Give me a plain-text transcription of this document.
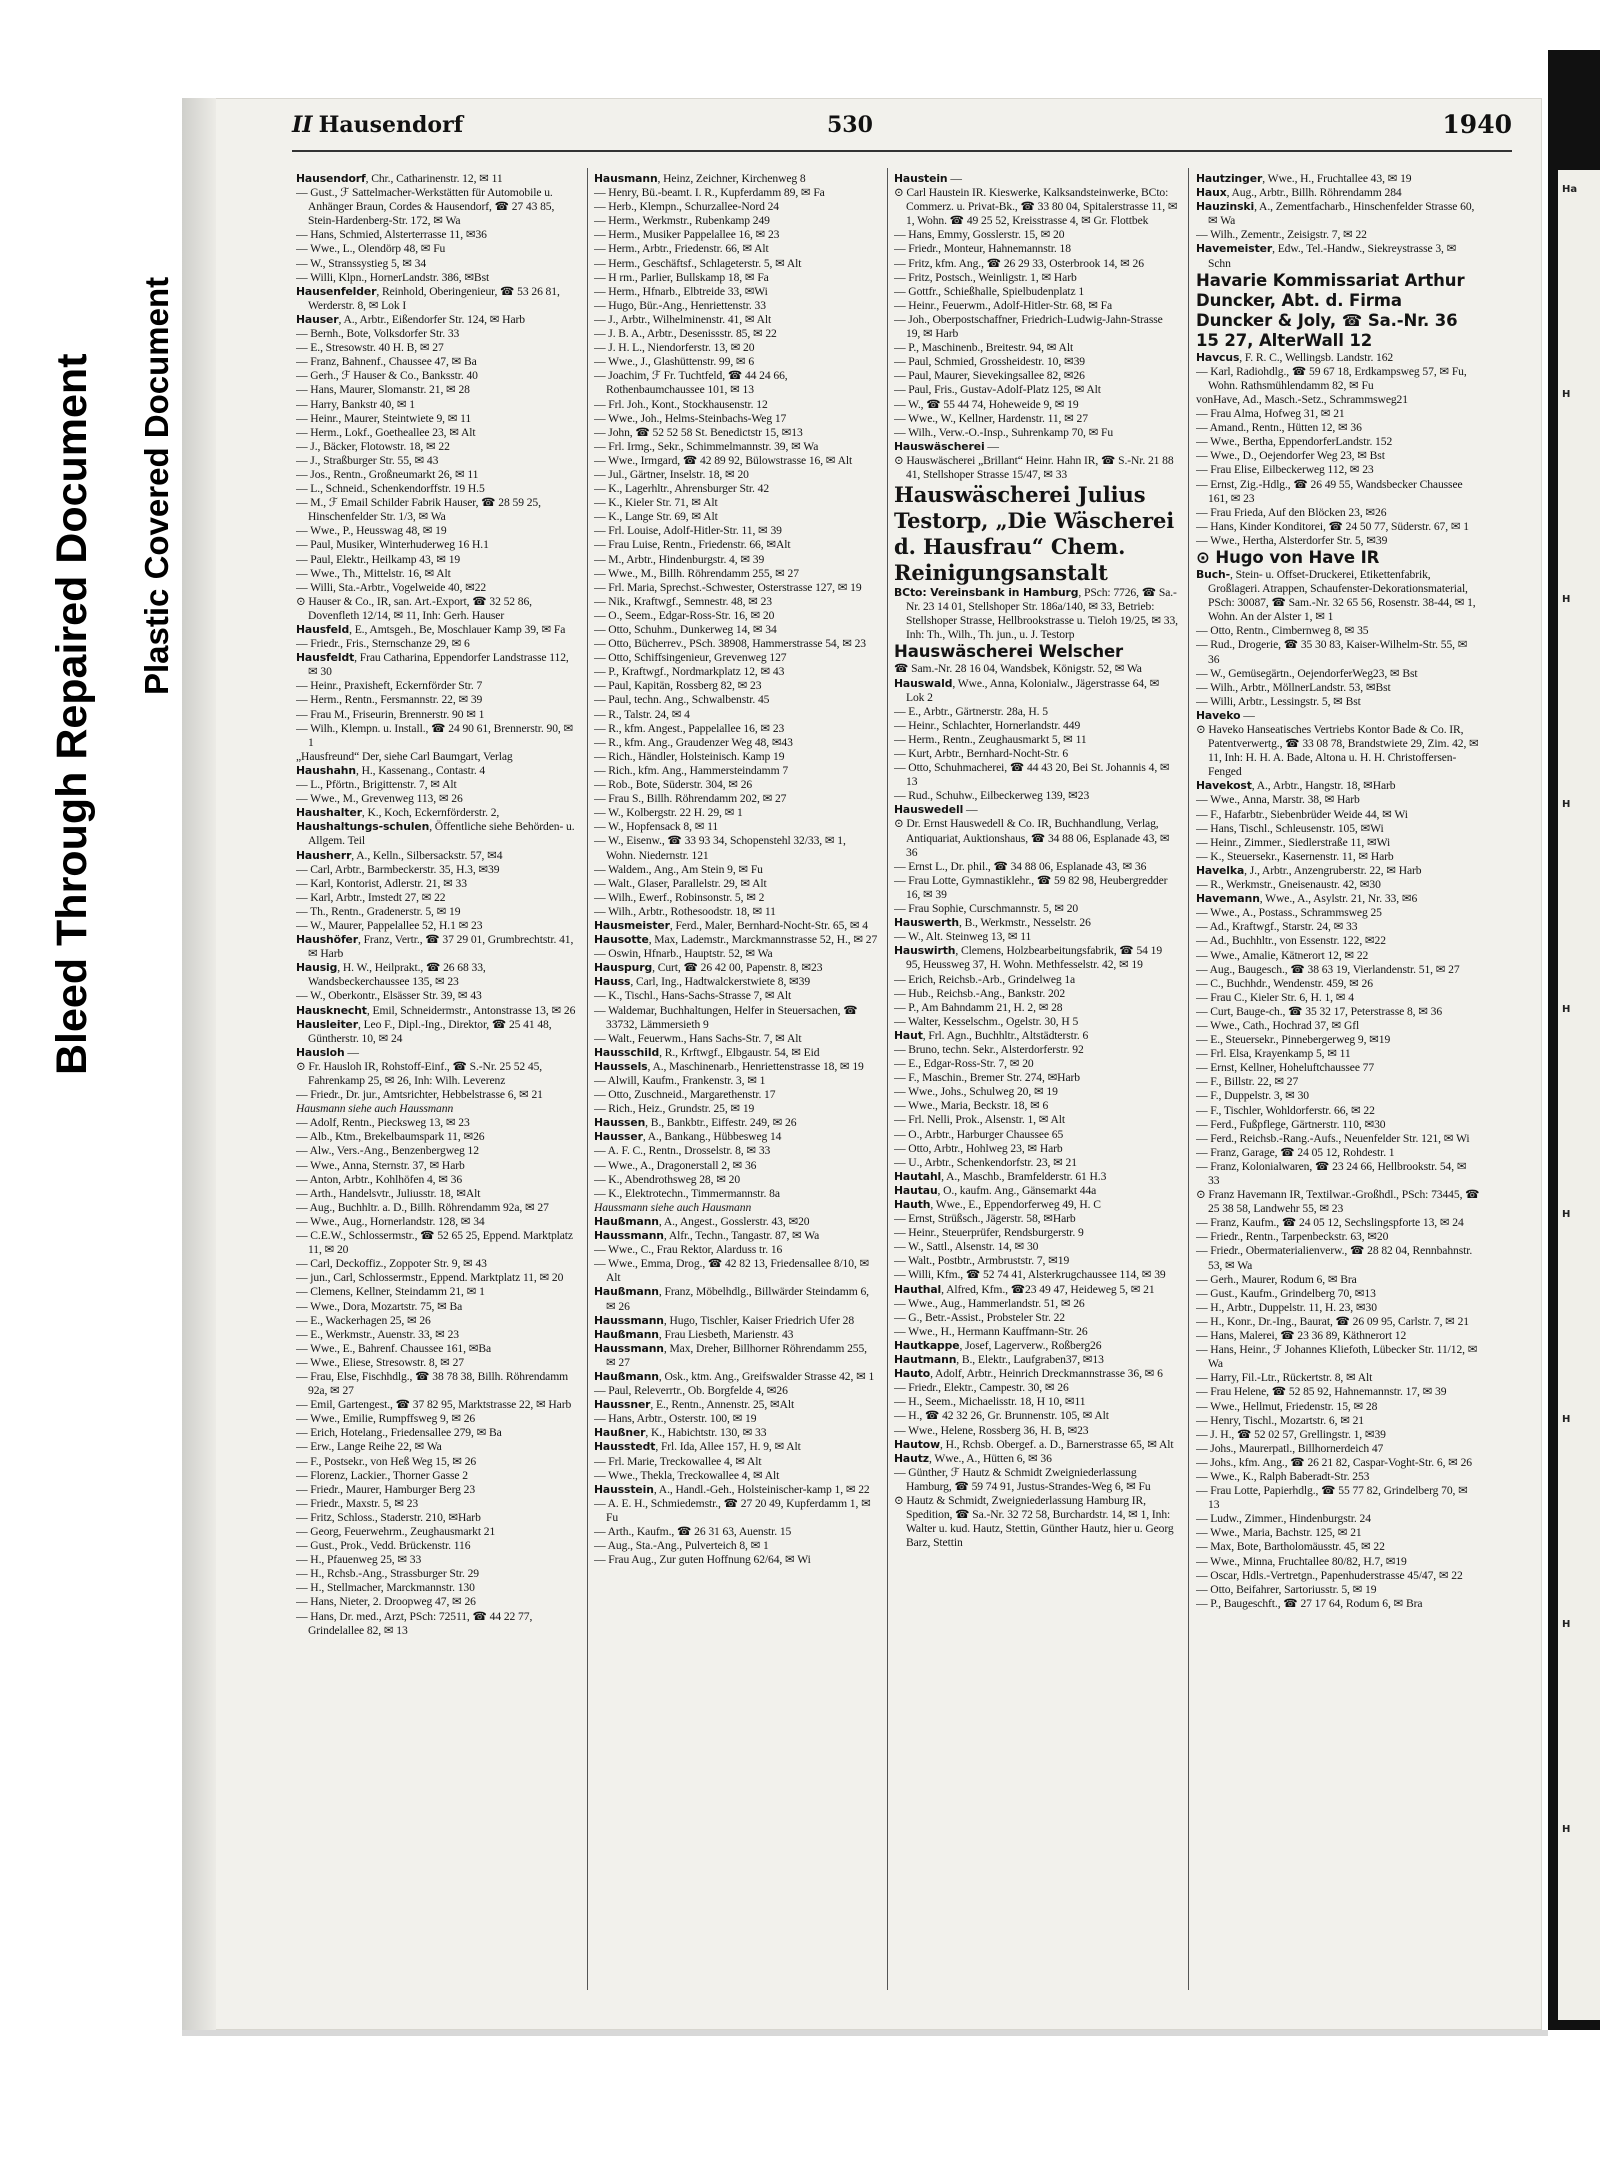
Bleed Through Repaired Document Plastic Covered Document
Ha
H
H
H
H
H
H
H
H
II Hausendorf	530	1940

Hausendorf, Chr., Catharinenstr. 12, ✉ 11

— Gust., ℱ Sattelmacher-Werkstätten für Automobile u. Anhänger Braun, Cordes & Hausendorf, ☎ 27 43 85, Stein-Hardenberg-Str. 172, ✉ Wa

— Hans, Schmied, Alsterterrasse 11, ✉36

— Wwe., L., Olendörp 48, ✉ Fu

— W., Stranssystieg 5, ✉ 34

— Willi, Klpn., HornerLandstr. 386, ✉Bst

Hausenfelder, Reinhold, Oberingenieur, ☎ 53 26 81, Werderstr. 8, ✉ Lok I

Hauser, A., Arbtr., Eißendorfer Str. 124, ✉ Harb

— Bernh., Bote, Volksdorfer Str. 33

— E., Stresowstr. 40 H. B, ✉ 27

— Franz, Bahnenf., Chaussee 47, ✉ Ba

— Gerh., ℱ Hauser & Co., Banksstr. 40

— Hans, Maurer, Slomanstr. 21, ✉ 28

— Harry, Bankstr 40, ✉ 1

— Heinr., Maurer, Steintwiete 9, ✉ 11

— Herm., Lokf., Goetheallee 23, ✉ Alt

— J., Bäcker, Flotowstr. 18, ✉ 22

— J., Straßburger Str. 55, ✉ 43

— Jos., Rentn., Großneumarkt 26, ✉ 11

— L., Schneid., Schenkendorffstr. 19 H.5

— M., ℱ Email Schilder Fabrik Hauser, ☎ 28 59 25, Hinschenfelder Str. 1/3, ✉ Wa

— Wwe., P., Heusswag 48, ✉ 19

— Paul, Musiker, Winterhuderweg 16 H.1

— Paul, Elektr., Heilkamp 43, ✉ 19

— Wwe., Th., Mittelstr. 16, ✉ Alt

— Willi, Sta.-Arbtr., Vogelweide 40, ✉22

⊙ Hauser & Co., IR, san. Art.-Export, ☎ 32 52 86, Dovenfleth 12/14, ✉ 11, Inh: Gerh. Hauser

Hausfeld, E., Amtsgeh., Be, Moschlauer Kamp 39, ✉ Fa

— Friedr., Fris., Sternschanze 29, ✉ 6

Hausfeldt, Frau Catharina, Eppendorfer Landstrasse 112, ✉ 30

— Heinr., Praxisheft, Eckernförder Str. 7

— Herm., Rentn., Fersmannstr. 22, ✉ 39

— Frau M., Friseurin, Brennerstr. 90 ✉ 1

— Wilh., Klempn. u. Install., ☎ 24 90 61, Brennerstr. 90, ✉ 1

„Hausfreund“ Der, siehe Carl Baumgart, Verlag

Haushahn, H., Kassenang., Contastr. 4

— L., Pförtn., Brigittenstr. 7, ✉ Alt

— Wwe., M., Grevenweg 113, ✉ 26

Haushalter, K., Koch, Eckernförderstr. 2,

Haushaltungs-schulen, Öffentliche siehe Behörden- u. Allgem. Teil

Hausherr, A., Kelln., Silbersackstr. 57, ✉4

— Carl, Arbtr., Barmbeckerstr. 35, H.3, ✉39

— Karl, Kontorist, Adlerstr. 21, ✉ 33

— Karl, Arbtr., Imstedt 27, ✉ 22

— Th., Rentn., Gradenerstr. 5, ✉ 19

— W., Maurer, Pappelallee 52, H.1 ✉ 23

Haushöfer, Franz, Vertr., ☎ 37 29 01, Grumbrechtstr. 41, ✉ Harb

Hausig, H. W., Heilprakt., ☎ 26 68 33, Wandsbeckerchaussee 135, ✉ 23

— W., Oberkontr., Elsässer Str. 39, ✉ 43

Hausknecht, Emil, Schneidermstr., Antonstrasse 13, ✉ 26

Hausleiter, Leo F., Dipl.-Ing., Direktor, ☎ 25 41 48, Güntherstr. 10, ✉ 24

Hausloh —

⊙ Fr. Hausloh IR, Rohstoff-Einf., ☎ S.-Nr. 25 52 45, Fahrenkamp 25, ✉ 26, Inh: Wilh. Leverenz

— Friedr., Dr. jur., Amtsrichter, Hebbelstrasse 6, ✉ 21

Hausmann siehe auch Haussmann

— Adolf, Rentn., Piecksweg 13, ✉ 23

— Alb., Ktm., Brekelbaumspark 11, ✉26

— Alw., Vers.-Ang., Benzenbergweg 12

— Wwe., Anna, Sternstr. 37, ✉ Harb

— Anton, Arbtr., Kohlhöfen 4, ✉ 36

— Arth., Handelsvtr., Juliusstr. 18, ✉Alt

— Aug., Buchhltr. a. D., Billh. Röhrendamm 92a, ✉ 27

— Wwe., Aug., Hornerlandstr. 128, ✉ 34

— C.E.W., Schlossermstr., ☎ 52 65 25, Eppend. Marktplatz 11, ✉ 20

— Carl, Deckoffiz., Zoppoter Str. 9, ✉ 43

— jun., Carl, Schlossermstr., Eppend. Marktplatz 11, ✉ 20

— Clemens, Kellner, Steindamm 21, ✉ 1

— Wwe., Dora, Mozartstr. 75, ✉ Ba

— E., Wackerhagen 25, ✉ 26

— E., Werkmstr., Auenstr. 33, ✉ 23

— Wwe., E., Bahrenf. Chaussee 161, ✉Ba

— Wwe., Eliese, Stresowstr. 8, ✉ 27

— Frau, Else, Fischhdlg., ☎ 38 78 38, Billh. Röhrendamm 92a, ✉ 27

— Emil, Gartengest., ☎ 37 82 95, Marktstrasse 22, ✉ Harb

— Wwe., Emilie, Rumpffsweg 9, ✉ 26

— Erich, Hotelang., Friedensallee 279, ✉ Ba

— Erw., Lange Reihe 22, ✉ Wa

— F., Postsekr., von Heß Weg 15, ✉ 26

— Florenz, Lackier., Thorner Gasse 2

— Friedr., Maurer, Hamburger Berg 23

— Friedr., Maxstr. 5, ✉ 23

— Fritz, Schloss., Staderstr. 210, ✉Harb

— Georg, Feuerwehrm., Zeughausmarkt 21

— Gust., Prok., Vedd. Brückenstr. 116

— H., Pfauenweg 25, ✉ 33

— H., Rchsb.-Ang., Strassburger Str. 29

— H., Stellmacher, Marckmannstr. 130

— Hans, Nieter, 2. Droopweg 47, ✉ 26

— Hans, Dr. med., Arzt, PSch: 72511, ☎ 44 22 77, Grindelallee 82, ✉ 13

Hausmann, Heinz, Zeichner, Kirchenweg 8

— Henry, Bü.-beamt. I. R., Kupferdamm 89, ✉ Fa

— Herb., Klempn., Schurzallee-Nord 24

— Herm., Werkmstr., Rubenkamp 249

— Herm., Musiker Pappelallee 16, ✉ 23

— Herm., Arbtr., Friedenstr. 66, ✉ Alt

— Herm., Geschäftsf., Schlageterstr. 5, ✉ Alt

— H rm., Parlier, Bullskamp 18, ✉ Fa

— Herm., Hfnarb., Elbtreide 33, ✉Wi

— Hugo, Bür.-Ang., Henriettenstr. 33

— J., Arbtr., Wilhelminenstr. 41, ✉ Alt

— J. B. A., Arbtr., Desenissstr. 85, ✉ 22

— J. H. L., Niendorferstr. 13, ✉ 20

— Wwe., J., Glashüttenstr. 99, ✉ 6

— Joachim, ℱ Fr. Tuchtfeld, ☎ 44 24 66, Rothenbaumchaussee 101, ✉ 13

— Frl. Joh., Kont., Stockhausenstr. 12

— Wwe., Joh., Helms-Steinbachs-Weg 17

— John, ☎ 52 52 58 St. Benedictstr 15, ✉13

— Frl. Irmg., Sekr., Schimmelmannstr. 39, ✉ Wa

— Wwe., Irmgard, ☎ 42 89 92, Bülowstrasse 16, ✉ Alt

— Jul., Gärtner, Inselstr. 18, ✉ 20

— K., Lagerhltr., Ahrensburger Str. 42

— K., Kieler Str. 71, ✉ Alt

— K., Lange Str. 69, ✉ Alt

— Frl. Louise, Adolf-Hitler-Str. 11, ✉ 39

— Frau Luise, Rentn., Friedenstr. 66, ✉Alt

— M., Arbtr., Hindenburgstr. 4, ✉ 39

— Wwe., M., Billh. Röhrendamm 255, ✉ 27

— Frl. Maria, Sprechst.-Schwester, Osterstrasse 127, ✉ 19

— Nik., Kraftwgf., Semnestr. 48, ✉ 23

— O., Seem., Edgar-Ross-Str. 16, ✉ 20

— Otto, Schuhm., Dunkerweg 14, ✉ 34

— Otto, Bücherrev., PSch. 38908, Hammerstrasse 54, ✉ 23

— Otto, Schiffsingenieur, Grevenweg 127

— P., Kraftwgf., Nordmarkplatz 12, ✉ 43

— Paul, Kapitän, Rossberg 82, ✉ 23

— Paul, techn. Ang., Schwalbenstr. 45

— R., Talstr. 24, ✉ 4

— R., kfm. Angest., Pappelallee 16, ✉ 23

— R., kfm. Ang., Graudenzer Weg 48, ✉43

— Rich., Händler, Holsteinisch. Kamp 19

— Rich., kfm. Ang., Hammersteindamm 7

— Rob., Bote, Süderstr. 304, ✉ 26

— Frau S., Billh. Röhrendamm 202, ✉ 27

— W., Kolbergstr. 22 H. 29, ✉ 1

— W., Hopfensack 8, ✉ 11

— W., Eisenw., ☎ 33 93 34, Schopenstehl 32/33, ✉ 1, Wohn. Niedernstr. 121

— Waldem., Ang., Am Stein 9, ✉ Fu

— Walt., Glaser, Parallelstr. 29, ✉ Alt

— Wilh., Ewerf., Robinsonstr. 5, ✉ 2

— Wilh., Arbtr., Rothesoodstr. 18, ✉ 11

Hausmeister, Ferd., Maler, Bernhard-Nocht-Str. 65, ✉ 4

Hausotte, Max, Lademstr., Marckmannstrasse 52, H., ✉ 27

— Oswin, Hfnarb., Hauptstr. 52, ✉ Wa

Hauspurg, Curt, ☎ 26 42 00, Papenstr. 8, ✉23

Hauss, Carl, Ing., Hadtwalckerstwiete 8, ✉39

— K., Tischl., Hans-Sachs-Strasse 7, ✉ Alt

— Waldemar, Buchhaltungen, Helfer in Steuersachen, ☎ 33732, Lämmersieth 9

— Walt., Feuerwm., Hans Sachs-Str. 7, ✉ Alt

Hausschild, R., Krftwgf., Elbgaustr. 54, ✉ Eid

Haussels, A., Maschinenarb., Henriettenstrasse 18, ✉ 19

— Alwill, Kaufm., Frankenstr. 3, ✉ 1

— Otto, Zuschneid., Margarethenstr. 17

— Rich., Heiz., Grundstr. 25, ✉ 19

Haussen, B., Bankbtr., Eiffestr. 249, ✉ 26

Hausser, A., Bankang., Hübbesweg 14

— A. F. C., Rentn., Drosselstr. 8, ✉ 33

— Wwe., A., Dragonerstall 2, ✉ 36

— K., Abendrothsweg 28, ✉ 20

— K., Elektrotechn., Timmermannstr. 8a

Haussmann siehe auch Hausmann

Haußmann, A., Angest., Gosslerstr. 43, ✉20

Haussmann, Alfr., Techn., Tangastr. 87, ✉ Wa

— Wwe., C., Frau Rektor, Alarduss tr. 16

— Wwe., Emma, Drog., ☎ 42 82 13, Friedensallee 8/10, ✉ Alt

Haußmann, Franz, Möbelhdlg., Billwärder Steindamm 6, ✉ 26

Haussmann, Hugo, Tischler, Kaiser Friedrich Ufer 28

Haußmann, Frau Liesbeth, Marienstr. 43

Haussmann, Max, Dreher, Billhorner Röhrendamm 255, ✉ 27

Haußmann, Osk., ktm. Ang., Greifswalder Strasse 42, ✉ 1

— Paul, Releverrtr., Ob. Borgfelde 4, ✉26

Haussner, E., Rentn., Annenstr. 25, ✉Alt

— Hans, Arbtr., Osterstr. 100, ✉ 19

Haußner, K., Habichtstr. 130, ✉ 33

Hausstedt, Frl. Ida, Allee 157, H. 9, ✉ Alt

— Frl. Marie, Treckowallee 4, ✉ Alt

— Wwe., Thekla, Treckowallee 4, ✉ Alt

Hausstein, A., Handl.-Geh., Holsteinischer-kamp 1, ✉ 22

— A. E. H., Schmiedemstr., ☎ 27 20 49, Kupferdamm 1, ✉ Fu

— Arth., Kaufm., ☎ 26 31 63, Auenstr. 15

— Aug., Sta.-Ang., Pulverteich 8, ✉ 1

— Frau Aug., Zur guten Hoffnung 62/64, ✉ Wi

Haustein —

⊙ Carl Haustein IR. Kieswerke, Kalksandsteinwerke, BCto: Commerz. u. Privat-Bk., ☎ 33 80 04, Spitalerstrasse 11, ✉ 1, Wohn. ☎ 49 25 52, Kreisstrasse 4, ✉ Gr. Flottbek

— Hans, Emmy, Gosslerstr. 15, ✉ 20

— Friedr., Monteur, Hahnemannstr. 18

— Fritz, kfm. Ang., ☎ 26 29 33, Osterbrook 14, ✉ 26

— Fritz, Postsch., Weinligstr. 1, ✉ Harb

— Gottfr., Schießhalle, Spielbudenplatz 1

— Heinr., Feuerwm., Adolf-Hitler-Str. 68, ✉ Fa

— Joh., Oberpostschaffner, Friedrich-Ludwig-Jahn-Strasse 19, ✉ Harb

— P., Maschinenb., Breitestr. 94, ✉ Alt

— Paul, Schmied, Grossheidestr. 10, ✉39

— Paul, Maurer, Sievekingsallee 82, ✉26

— Paul, Fris., Gustav-Adolf-Platz 125, ✉ Alt

— W., ☎ 55 44 74, Hoheweide 9, ✉ 19

— Wwe., W., Kellner, Hardenstr. 11, ✉ 27

— Wilh., Verw.-O.-Insp., Suhrenkamp 70, ✉ Fu

Hauswäscherei —

⊙ Hauswäscherei „Brillant“ Heinr. Hahn IR, ☎ S.-Nr. 21 88 41, Stellshoper Strasse 15/47, ✉ 33

Hauswäscherei Julius Testorp, „Die Wäscherei d. Hausfrau“ Chem. Reinigungsanstalt

BCto: Vereinsbank in Hamburg, PSch: 7726, ☎ Sa.-Nr. 23 14 01, Stellshoper Str. 186a/140, ✉ 33, Betrieb: Stellshoper Strasse, Hellbrookstrasse u. Tieloh 19/25, ✉ 33, Inh: Th., Wilh., Th. jun., u. J. Testorp

Hauswäscherei Welscher

☎ Sam.-Nr. 28 16 04, Wandsbek, Königstr. 52, ✉ Wa

Hauswald, Wwe., Anna, Kolonialw., Jägerstrasse 64, ✉ Lok 2

— E., Arbtr., Gärtnerstr. 28a, H. 5

— Heinr., Schlachter, Hornerlandstr. 449

— Herm., Rentn., Zeughausmarkt 5, ✉ 11

— Kurt, Arbtr., Bernhard-Nocht-Str. 6

— Otto, Schuhmacherei, ☎ 44 43 20, Bei St. Johannis 4, ✉ 13

— Rud., Schuhw., Eilbeckerweg 139, ✉23

Hauswedell —

⊙ Dr. Ernst Hauswedell & Co. IR, Buchhandlung, Verlag, Antiquariat, Auktionshaus, ☎ 34 88 06, Esplanade 43, ✉ 36

— Ernst L., Dr. phil., ☎ 34 88 06, Esplanade 43, ✉ 36

— Frau Lotte, Gymnastiklehr., ☎ 59 82 98, Heubergredder 16, ✉ 39

— Frau Sophie, Curschmannstr. 5, ✉ 20

Hauswerth, B., Werkmstr., Nesselstr. 26

— W., Alt. Steinweg 13, ✉ 11

Hauswirth, Clemens, Holzbearbeitungsfabrik, ☎ 54 19 95, Heussweg 37, H. Wohn. Methfesselstr. 42, ✉ 19

— Erich, Reichsb.-Arb., Grindelweg 1a

— Hub., Reichsb.-Ang., Bankstr. 202

— P., Am Bahndamm 21, H. 2, ✉ 28

— Walter, Kesselschm., Ogelstr. 30, H 5

Haut, Frl. Agn., Buchhltr., Altstädterstr. 6

— Bruno, techn. Sekr., Alsterdorferstr. 92

— E., Edgar-Ross-Str. 7, ✉ 20

— F., Maschin., Bremer Str. 274, ✉Harb

— Wwe., Johs., Schulweg 20, ✉ 19

— Wwe., Maria, Beckstr. 18, ✉ 6

— Frl. Nelli, Prok., Alsenstr. 1, ✉ Alt

— O., Arbtr., Harburger Chaussee 65

— Otto, Arbtr., Hohlweg 23, ✉ Harb

— U., Arbtr., Schenkendorfstr. 23, ✉ 21

Hautahl, A., Maschb., Bramfelderstr. 61 H.3

Hautau, O., kaufm. Ang., Gänsemarkt 44a

Hauth, Wwe., E., Eppendorferweg 49, H. C

— Ernst, Strüßsch., Jägerstr. 58, ✉Harb

— Heinr., Steuerprüfer, Rendsburgerstr. 9

— W., Sattl., Alsenstr. 14, ✉ 30

— Walt., Postbtr., Armbruststr. 7, ✉19

— Willi, Kfm., ☎ 52 74 41, Alsterkrugchaussee 114, ✉ 39

Hauthal, Alfred, Kfm., ☎23 49 47, Heideweg 5, ✉ 21

— Wwe., Aug., Hammerlandstr. 51, ✉ 26

— G., Betr.-Assist., Probsteler Str. 22

— Wwe., H., Hermann Kauffmann-Str. 26

Hautkappe, Josef, Lagerverw., Roßberg26

Hautmann, B., Elektr., Laufgraben37, ✉13

Hauto, Adolf, Arbtr., Heinrich Dreckmannstrasse 36, ✉ 6

— Friedr., Elektr., Campestr. 30, ✉ 26

— H., Seem., Michaelisstr. 18, H 10, ✉11

— H., ☎ 42 32 26, Gr. Brunnenstr. 105, ✉ Alt

— Wwe., Helene, Rossberg 36, H. B, ✉23

Hautow, H., Rchsb. Obergef. a. D., Barnerstrasse 65, ✉ Alt

Hautz, Wwe., A., Hütten 6, ✉ 36

— Günther, ℱ Hautz & Schmidt Zweigniederlassung Hamburg, ☎ 59 74 91, Justus-Strandes-Weg 6, ✉ Fu

⊙ Hautz & Schmidt, Zweigniederlassung Hamburg IR, Spedition, ☎ Sa.-Nr. 32 72 58, Burchardstr. 14, ✉ 1, Inh: Walter u. kud. Hautz, Stettin, Günther Hautz, hier u. Georg Barz, Stettin

Hautzinger, Wwe., H., Fruchtallee 43, ✉ 19

Haux, Aug., Arbtr., Billh. Röhrendamm 284

Hauzinski, A., Zementfacharb., Hinschenfelder Strasse 60, ✉ Wa

— Wilh., Zementr., Zeisigstr. 7, ✉ 22

Havemeister, Edw., Tel.-Handw., Siekreystrasse 3, ✉ Schn

Havarie Kommissariat Arthur Duncker, Abt. d. Firma Duncker & Joly, ☎ Sa.-Nr. 36 15 27, AlterWall 12

Havcus, F. R. C., Wellingsb. Landstr. 162

— Karl, Radiohdlg., ☎ 59 67 18, Erdkampsweg 57, ✉ Fu, Wohn. Rathsmühlendamm 82, ✉ Fu

vonHave, Ad., Masch.-Setz., Schrammsweg21

— Frau Alma, Hofweg 31, ✉ 21

— Amand., Rentn., Hütten 12, ✉ 36

— Wwe., Bertha, EppendorferLandstr. 152

— Wwe., D., Oejendorfer Weg 23, ✉ Bst

— Frau Elise, Eilbeckerweg 112, ✉ 23

— Ernst, Zig.-Hdlg., ☎ 26 49 55, Wandsbecker Chaussee 161, ✉ 23

— Frau Frieda, Auf den Blöcken 23, ✉26

— Hans, Kinder Konditorei, ☎ 24 50 77, Süderstr. 67, ✉ 1

— Wwe., Hertha, Alsterdorfer Str. 5, ✉39

⊙ Hugo von Have IR

Buch-, Stein- u. Offset-Druckerei, Etikettenfabrik, Großlageri. Atrappen, Schaufenster-Dekorationsmaterial, PSch: 30087, ☎ Sam.-Nr. 32 65 56, Rosenstr. 38-44, ✉ 1, Wohn. An der Alster 1, ✉ 1

— Otto, Rentn., Cimbernweg 8, ✉ 35

— Rud., Drogerie, ☎ 35 30 83, Kaiser-Wilhelm-Str. 55, ✉ 36

— W., Gemüsegärtn., OejendorferWeg23, ✉ Bst

— Wilh., Arbtr., MöllnerLandstr. 53, ✉Bst

— Willi, Arbtr., Lessingstr. 5, ✉ Bst

Haveko —

⊙ Haveko Hanseatisches Vertriebs Kontor Bade & Co. IR, Patentverwertg., ☎ 33 08 78, Brandstwiete 29, Zim. 42, ✉ 11, Inh: H. H. A. Bade, Altona u. H. H. Christoffersen-Fenged

Havekost, A., Arbtr., Hangstr. 18, ✉Harb

— Wwe., Anna, Marstr. 38, ✉ Harb

— F., Hafarbtr., Siebenbrüder Weide 44, ✉ Wi

— Hans, Tischl., Schleusenstr. 105, ✉Wi

— Heinr., Zimmer., Siedlerstraße 11, ✉Wi

— K., Steuersekr., Kasernenstr. 11, ✉ Harb

Havelka, J., Arbtr., Anzengruberstr. 22, ✉ Harb

— R., Werkmstr., Gneisenaustr. 42, ✉30

Havemann, Wwe., A., Asylstr. 21, Nr. 33, ✉6

— Wwe., A., Postass., Schrammsweg 25

— Ad., Kraftwgf., Starstr. 24, ✉ 33

— Ad., Buchhltr., von Essenstr. 122, ✉22

— Wwe., Amalie, Kätnerort 12, ✉ 22

— Aug., Baugesch., ☎ 38 63 19, Vierlandenstr. 51, ✉ 27

— C., Buchhdr., Wendenstr. 459, ✉ 26

— Frau C., Kieler Str. 6, H. 1, ✉ 4

— Curt, Bauge-ch., ☎ 35 32 17, Peterstrasse 8, ✉ 36

— Wwe., Cath., Hochrad 37, ✉ Gfl

— E., Steuersekr., Pinnebergerweg 9, ✉19

— Frl. Elsa, Krayenkamp 5, ✉ 11

— Ernst, Kellner, Hoheluftchaussee 77

— F., Billstr. 22, ✉ 27

— F., Duppelstr. 3, ✉ 30

— F., Tischler, Wohldorferstr. 66, ✉ 22

— Ferd., Fußpflege, Gärtnerstr. 110, ✉30

— Ferd., Reichsb.-Rang.-Aufs., Neuenfelder Str. 121, ✉ Wi

— Franz, Garage, ☎ 24 05 12, Rohdestr. 1

— Franz, Kolonialwaren, ☎ 23 24 66, Hellbrookstr. 54, ✉ 33

⊙ Franz Havemann IR, Textilwar.-Großhdl., PSch: 73445, ☎ 25 38 58, Landwehr 55, ✉ 23

— Franz, Kaufm., ☎ 24 05 12, Sechslingspforte 13, ✉ 24

— Friedr., Rentn., Tarpenbeckstr. 63, ✉20

— Friedr., Obermaterialienverw., ☎ 28 82 04, Rennbahnstr. 53, ✉ Wa

— Gerh., Maurer, Rodum 6, ✉ Bra

— Gust., Kaufm., Grindelberg 70, ✉13

— H., Arbtr., Duppelstr. 11, H. 23, ✉30

— H., Konr., Dr.-Ing., Baurat, ☎ 26 09 95, Carlstr. 7, ✉ 21

— Hans, Malerei, ☎ 23 36 89, Käthnerort 12

— Hans, Heinr., ℱ Johannes Kliefoth, Lübecker Str. 11/12, ✉ Wa

— Harry, Fil.-Ltr., Rückertstr. 8, ✉ Alt

— Frau Helene, ☎ 52 85 92, Hahnemannstr. 17, ✉ 39

— Wwe., Hellmut, Friedenstr. 15, ✉ 28

— Henry, Tischl., Mozartstr. 6, ✉ 21

— J. H., ☎ 52 02 57, Grellingstr. 1, ✉39

— Johs., Maurerpatl., Billhornerdeich 47

— Johs., kfm. Ang., ☎ 26 21 82, Caspar-Voght-Str. 6, ✉ 26

— Wwe., K., Ralph Baberadt-Str. 253

— Frau Lotte, Papierhdlg., ☎ 55 77 82, Grindelberg 70, ✉ 13

— Ludw., Zimmer., Hindenburgstr. 24

— Wwe., Maria, Bachstr. 125, ✉ 21

— Max, Bote, Bartholomäusstr. 45, ✉ 22

— Wwe., Minna, Fruchtallee 80/82, H.7, ✉19

— Oscar, Hdls.-Vertretgn., Papenhuderstrasse 45/47, ✉ 22

— Otto, Beifahrer, Sartoriusstr. 5, ✉ 19

— P., Baugeschft., ☎ 27 17 64, Rodum 6, ✉ Bra
